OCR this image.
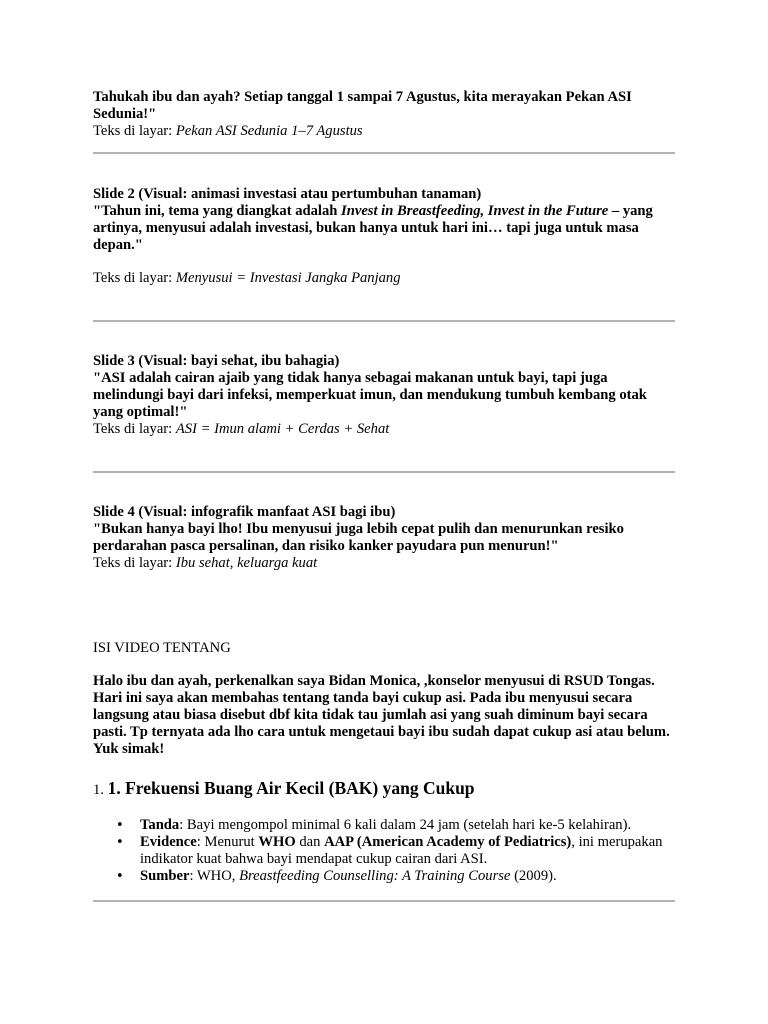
Tahukah ibu dan ayah? Setiap tanggal 1 sampai 7 Agustus, kita merayakan Pekan ASI Sedunia!"

Teks di layar: Pekan ASI Sedunia 1–7 Agustus

Slide 2 (Visual: animasi investasi atau pertumbuhan tanaman)

"Tahun ini, tema yang diangkat adalah Invest in Breastfeeding, Invest in the Future – yang artinya, menyusui adalah investasi, bukan hanya untuk hari ini… tapi juga untuk masa depan."

Teks di layar: Menyusui = Investasi Jangka Panjang

Slide 3 (Visual: bayi sehat, ibu bahagia)

"ASI adalah cairan ajaib yang tidak hanya sebagai makanan untuk bayi, tapi juga melindungi bayi dari infeksi, memperkuat imun, dan mendukung tumbuh kembang otak yang optimal!"

Teks di layar: ASI = Imun alami + Cerdas + Sehat

Slide 4 (Visual: infografik manfaat ASI bagi ibu)

"Bukan hanya bayi lho! Ibu menyusui juga lebih cepat pulih dan menurunkan resiko perdarahan pasca persalinan, dan risiko kanker payudara pun menurun!"

Teks di layar: Ibu sehat, keluarga kuat

ISI VIDEO TENTANG

Halo ibu dan ayah, perkenalkan saya Bidan Monica, ,konselor menyusui di RSUD Tongas. Hari ini saya akan membahas tentang tanda bayi cukup asi. Pada ibu menyusui secara langsung atau biasa disebut dbf kita tidak tau jumlah asi yang suah diminum bayi secara pasti. Tp ternyata ada lho cara untuk mengetaui bayi ibu sudah dapat cukup asi atau belum. Yuk simak!

1. 1. Frekuensi Buang Air Kecil (BAK) yang Cukup
• Tanda: Bayi mengompol minimal 6 kali dalam 24 jam (setelah hari ke-5 kelahiran).
• Evidence: Menurut WHO dan AAP (American Academy of Pediatrics), ini merupakan indikator kuat bahwa bayi mendapat cukup cairan dari ASI.
• Sumber: WHO, Breastfeeding Counselling: A Training Course (2009).
